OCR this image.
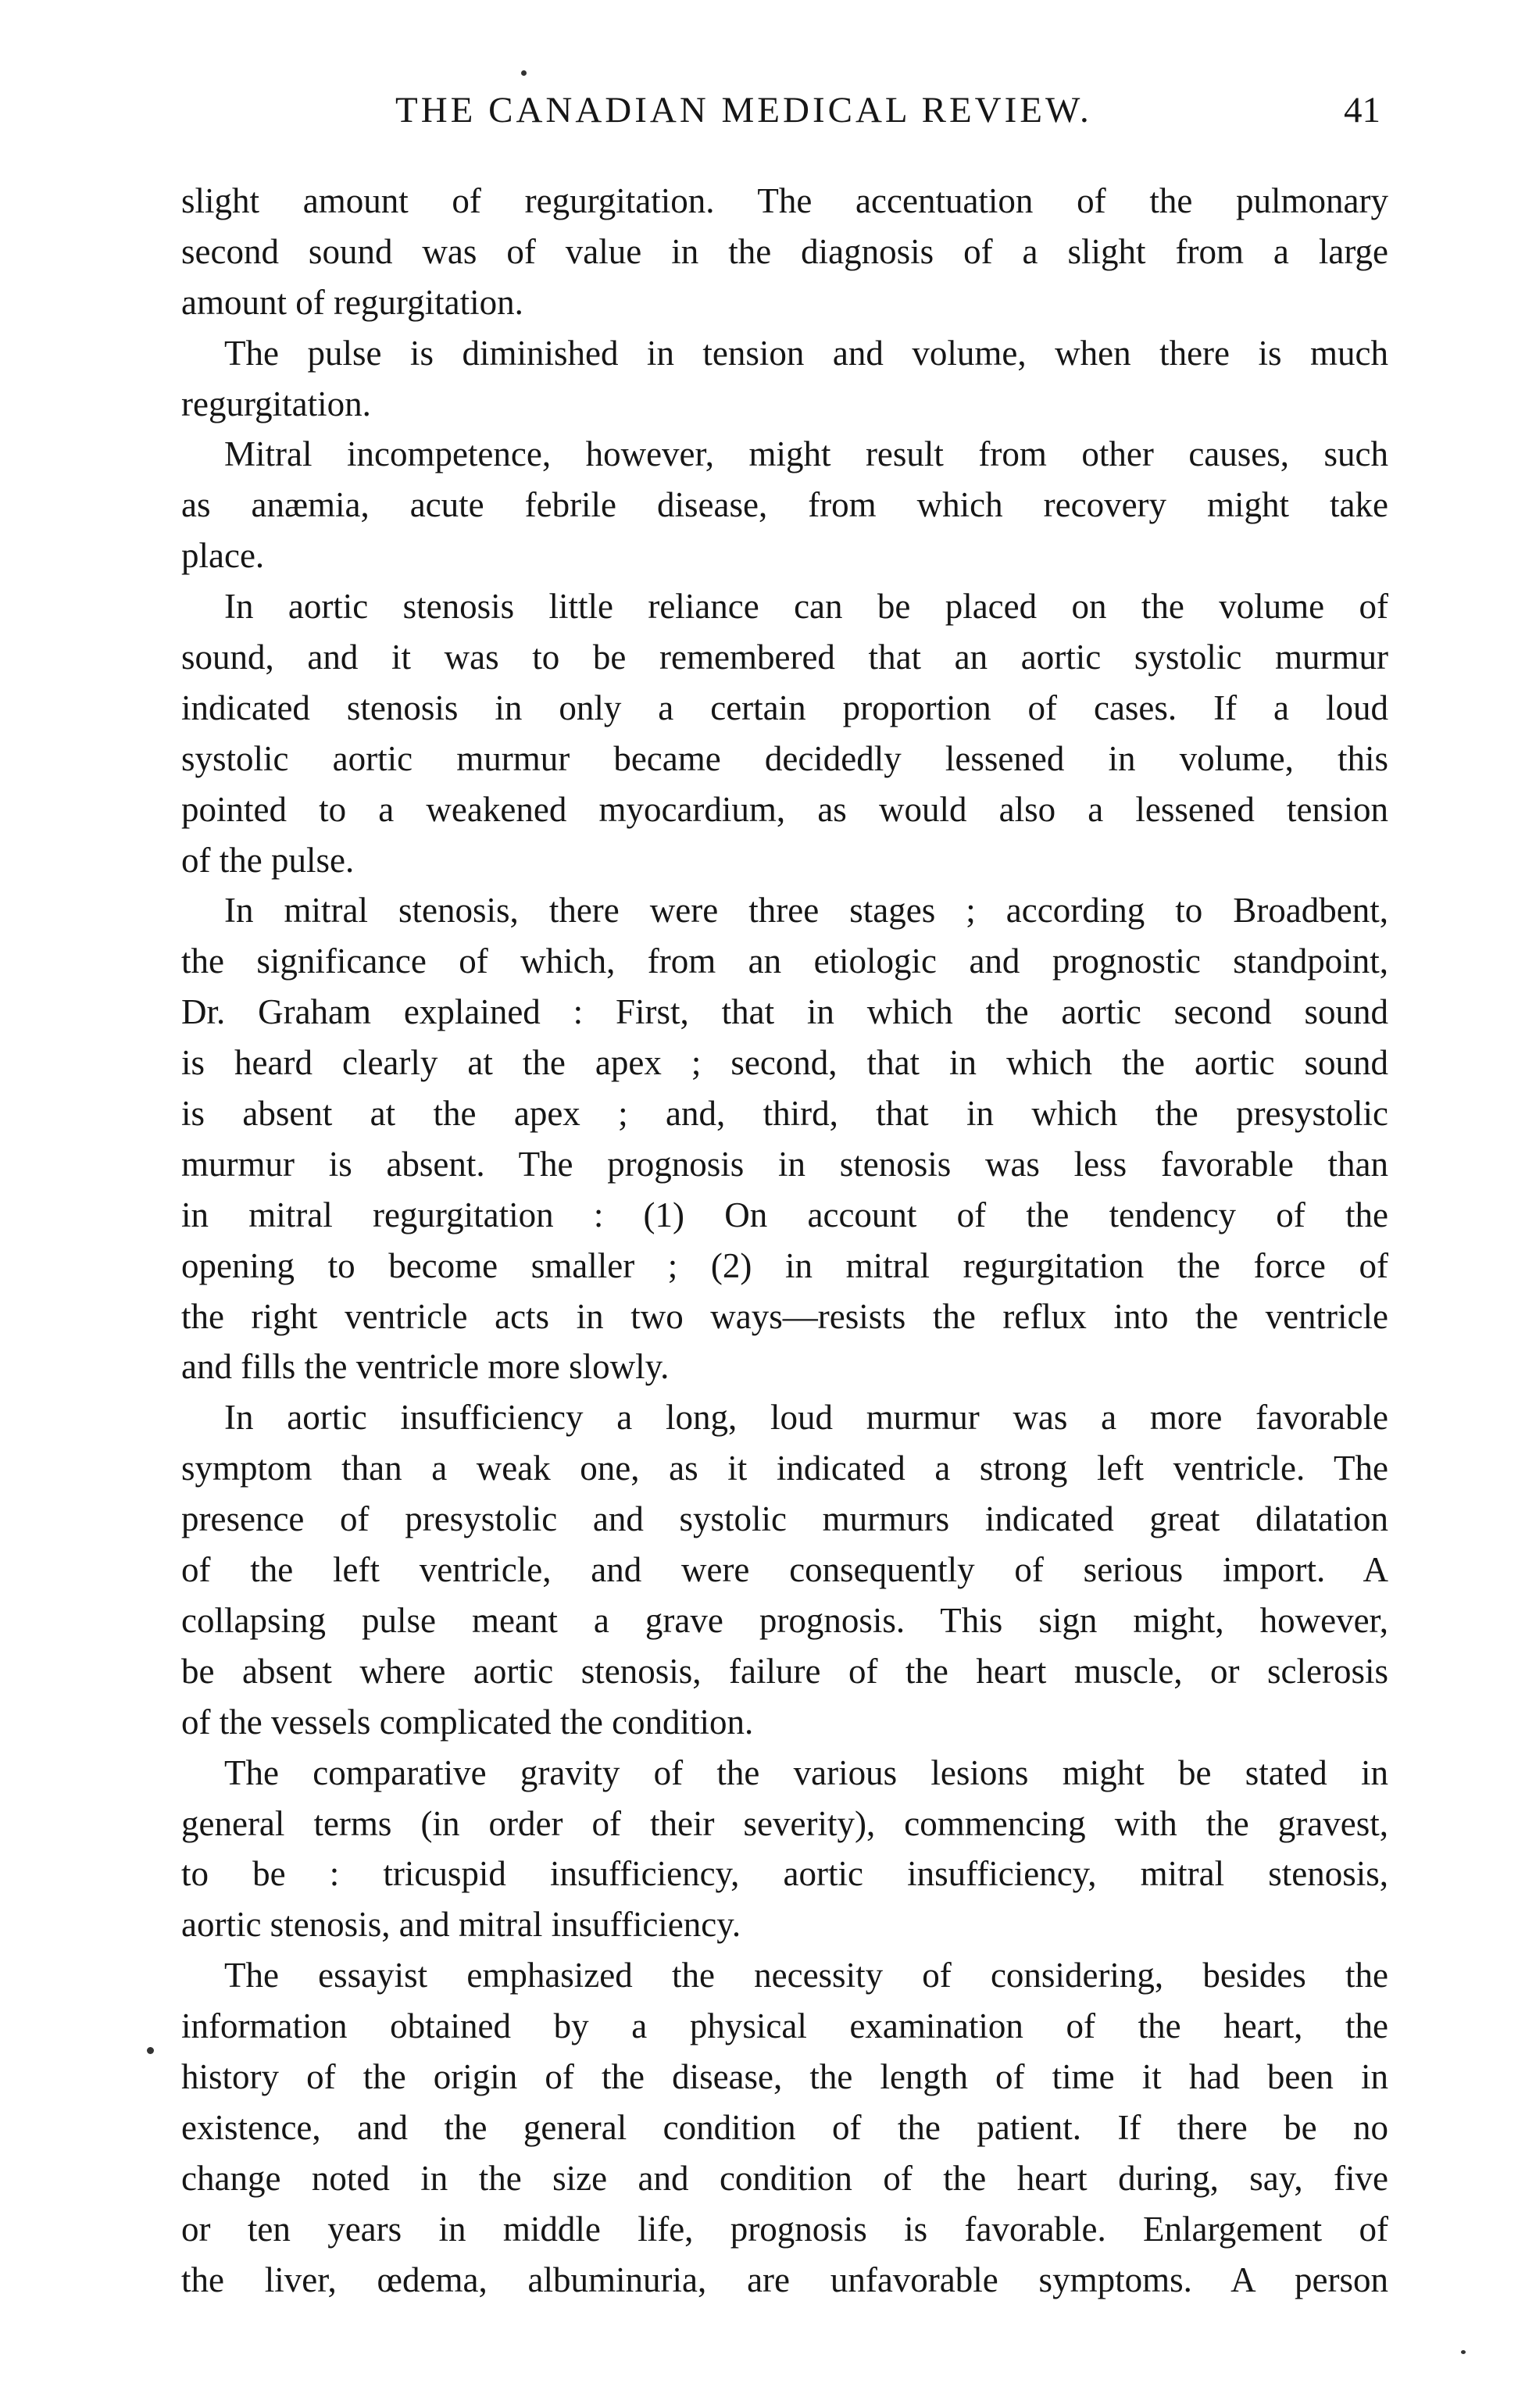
THE CANADIAN MEDICAL REVIEW.	41
slight amount of regurgitation. The accentuation of the pulmonary
second sound was of value in the diagnosis of a slight from a large
amount of regurgitation.
The pulse is diminished in tension and volume, when there is much
regurgitation.
Mitral incompetence, however, might result from other causes, such
as anæmia, acute febrile disease, from which recovery might take
place.
In aortic stenosis little reliance can be placed on the volume of
sound, and it was to be remembered that an aortic systolic murmur
indicated stenosis in only a certain proportion of cases. If a loud
systolic aortic murmur became decidedly lessened in volume, this
pointed to a weakened myocardium, as would also a lessened tension
of the pulse.
In mitral stenosis, there were three stages ; according to Broadbent,
the significance of which, from an etiologic and prognostic standpoint,
Dr. Graham explained : First, that in which the aortic second sound
is heard clearly at the apex ; second, that in which the aortic sound
is absent at the apex ; and, third, that in which the presystolic
murmur is absent. The prognosis in stenosis was less favorable than
in mitral regurgitation : (1) On account of the tendency of the
opening to become smaller ; (2) in mitral regurgitation the force of
the right ventricle acts in two ways—resists the reflux into the ventricle
and fills the ventricle more slowly.
In aortic insufficiency a long, loud murmur was a more favorable
symptom than a weak one, as it indicated a strong left ventricle. The
presence of presystolic and systolic murmurs indicated great dilatation
of the left ventricle, and were consequently of serious import. A
collapsing pulse meant a grave prognosis. This sign might, however,
be absent where aortic stenosis, failure of the heart muscle, or sclerosis
of the vessels complicated the condition.
The comparative gravity of the various lesions might be stated in
general terms (in order of their severity), commencing with the gravest,
to be : tricuspid insufficiency, aortic insufficiency, mitral stenosis,
aortic stenosis, and mitral insufficiency.
The essayist emphasized the necessity of considering, besides the
information obtained by a physical examination of the heart, the
history of the origin of the disease, the length of time it had been in
existence, and the general condition of the patient. If there be no
change noted in the size and condition of the heart during, say, five
or ten years in middle life, prognosis is favorable. Enlargement of
the liver, œdema, albuminuria, are unfavorable symptoms. A person
